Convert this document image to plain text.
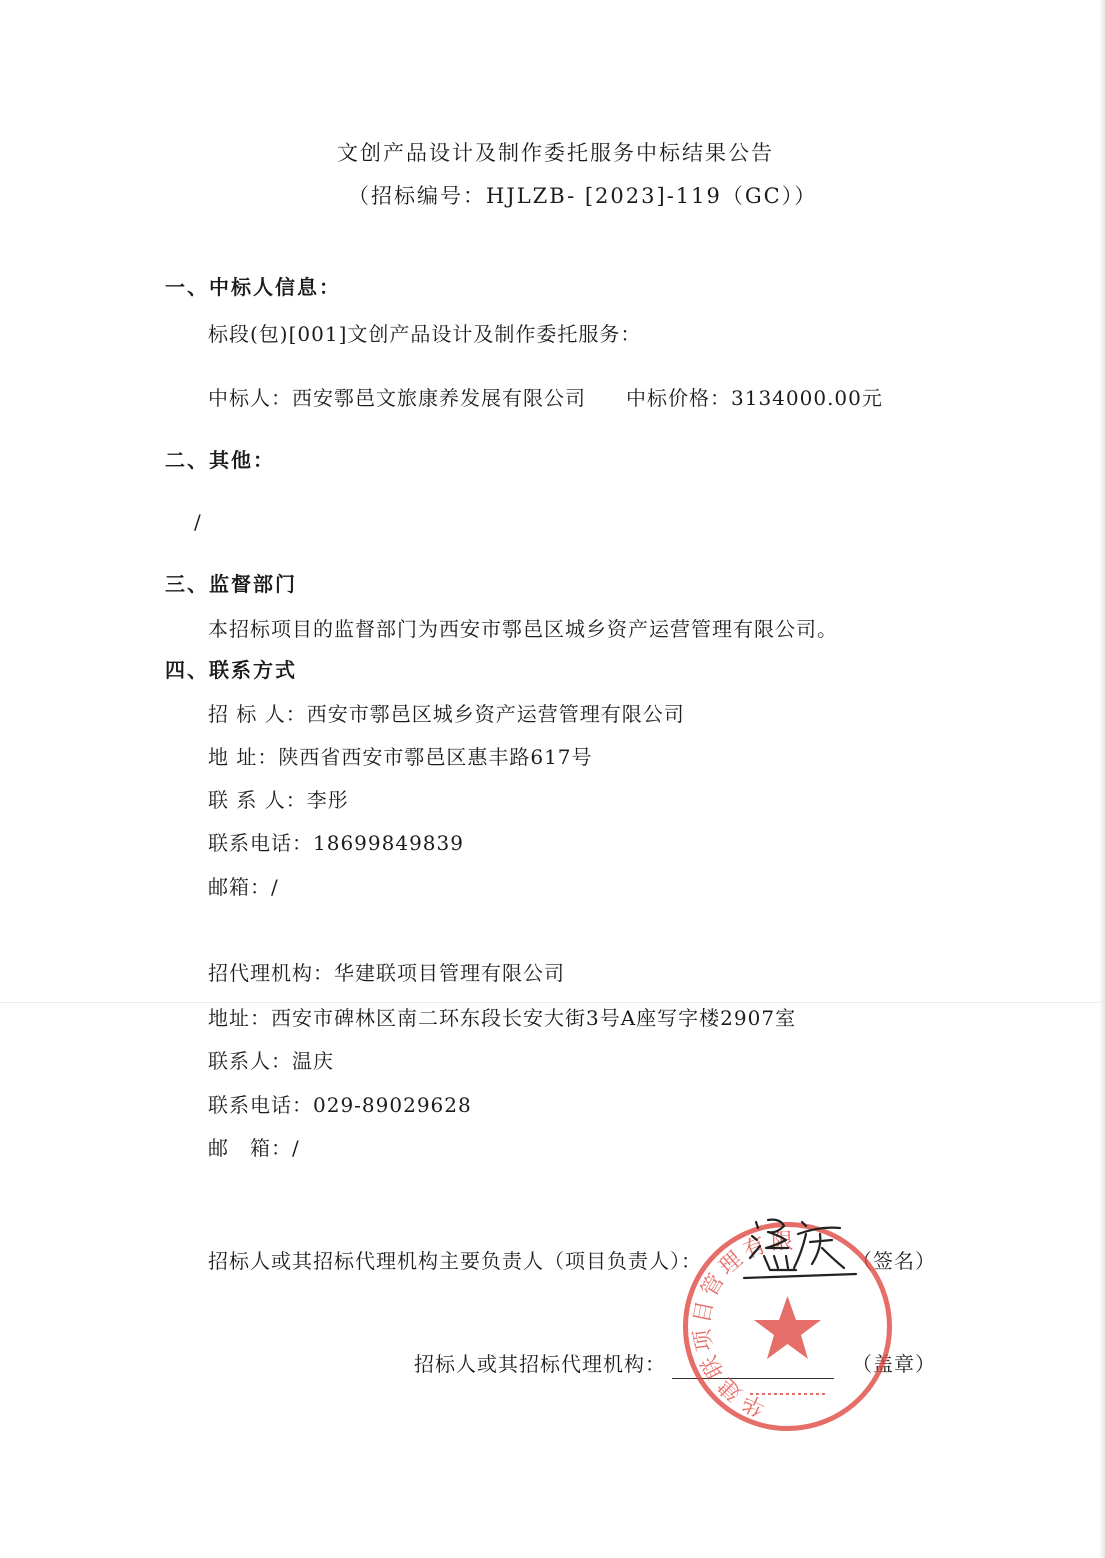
文创产品设计及制作委托服务中标结果公告
（招标编号：HJLZB- [2023]-119（GC））
一、中标人信息：
标段(包)[001]文创产品设计及制作委托服务：
中标人：西安鄠邑文旅康养发展有限公司 中标价格：3134000.00元
二、其他：
/
三、监督部门
本招标项目的监督部门为西安市鄠邑区城乡资产运营管理有限公司。
四、联系方式
招 标 人：西安市鄠邑区城乡资产运营管理有限公司
地 址：陕西省西安市鄠邑区惠丰路617号
联 系 人：李彤
联系电话：18699849839
邮箱：/
招代理机构：华建联项目管理有限公司
地址：西安市碑林区南二环东段长安大街3号A座写字楼2907室
联系人：温庆
联系电话：029-89029628
邮　箱：/
招标人或其招标代理机构主要负责人（项目负责人）：	（签名）
招标人或其招标代理机构：	（盖章）
华建联项目管理有限公司
